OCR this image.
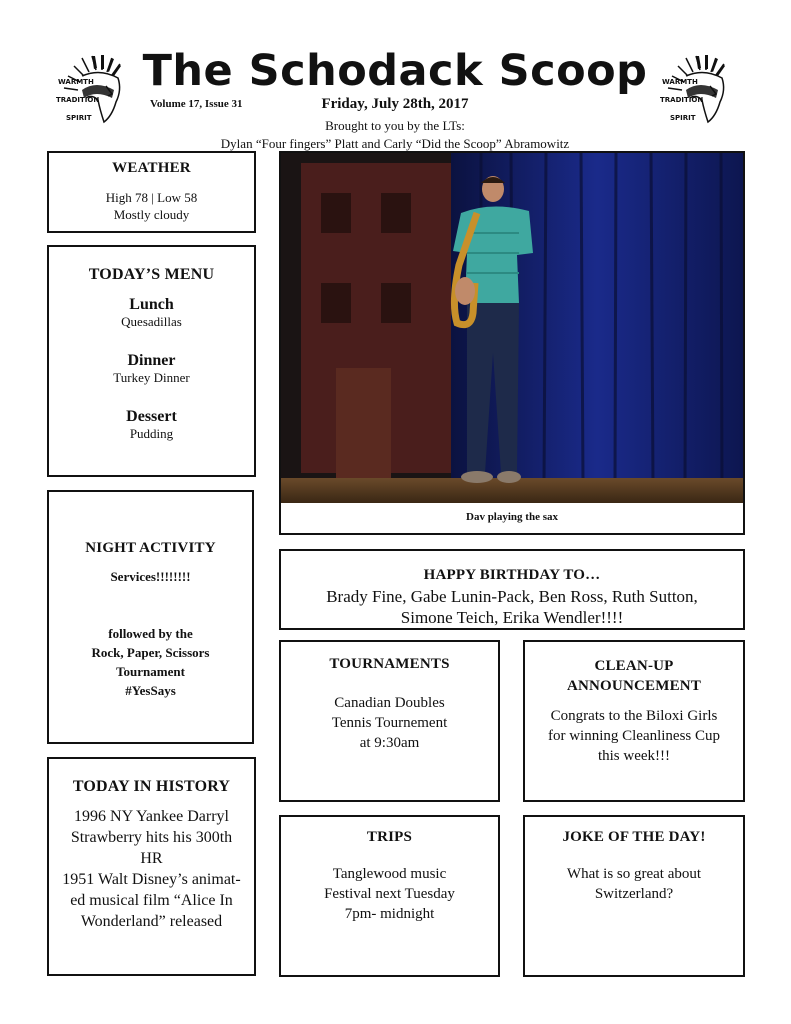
WARMTH
TRADITION
SPIRIT
WARMTH
TRADITION
SPIRIT
The Schodack Scoop
Volume 17, Issue 31	Friday, July 28th, 2017
Brought to you by the LTs:
Dylan “Four fingers” Platt and Carly “Did the Scoop” Abramowitz
WEATHER
High 78 | Low 58
Mostly cloudy
TODAY’S MENU
Lunch
Quesadillas
Dinner
Turkey Dinner
Dessert
Pudding
NIGHT ACTIVITY
Services!!!!!!!!
followed by the
Rock, Paper, Scissors
Tournament
#YesSays
TODAY IN HISTORY
1996 NY Yankee Darryl
Strawberry hits his 300th
HR
1951 Walt Disney’s animat-
ed musical film “Alice In
Wonderland” released
Dav playing the sax
HAPPY BIRTHDAY TO…
Brady Fine, Gabe Lunin-Pack, Ben Ross, Ruth Sutton,
Simone Teich, Erika Wendler!!!!
TOURNAMENTS
Canadian Doubles
Tennis Tournement
at 9:30am
CLEAN-UP
ANNOUNCEMENT
Congrats to the Biloxi Girls
for winning Cleanliness Cup
this week!!!
TRIPS
Tanglewood music
Festival next Tuesday
7pm- midnight
JOKE OF THE DAY!
What is so great about
Switzerland?
